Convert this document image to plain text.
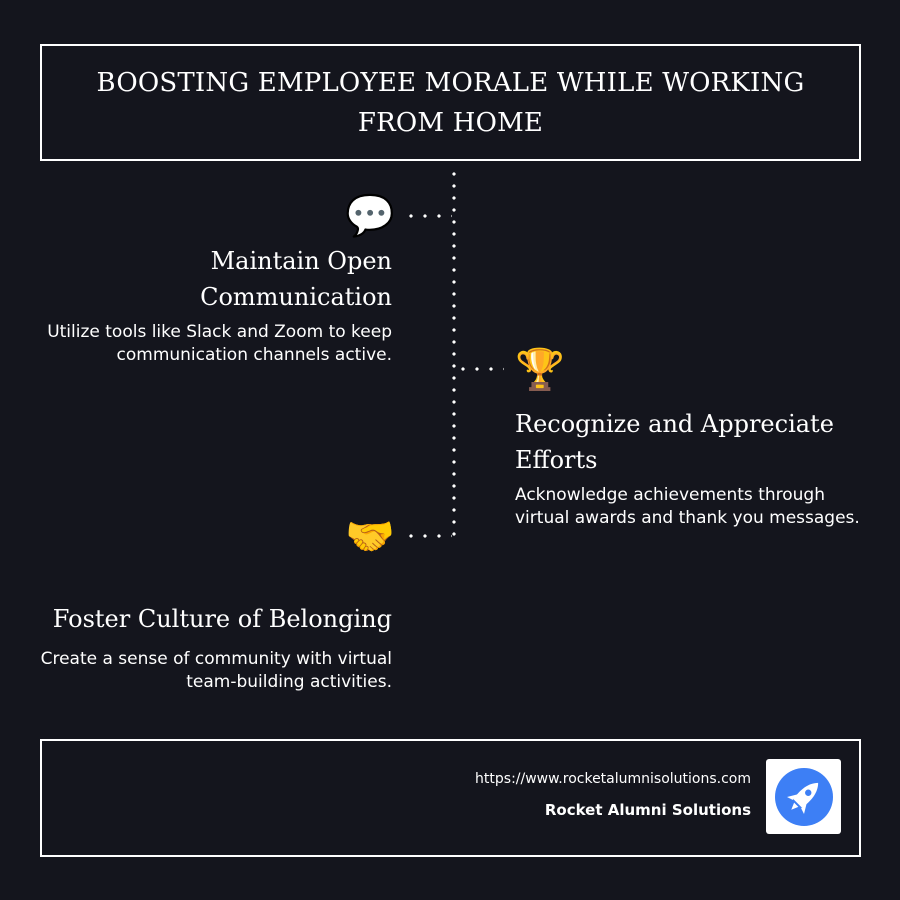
BOOSTING EMPLOYEE MORALE WHILE WORKING FROM HOME
💬
Maintain Open Communication
Utilize tools like Slack and Zoom to keep communication channels active.	🏆
Recognize and Appreciate Efforts
Acknowledge achievements through virtual awards and thank you messages.
🤝
Foster Culture of Belonging
Create a sense of community with virtual team-building activities.
https://www.rocketalumnisolutions.com
Rocket Alumni Solutions
